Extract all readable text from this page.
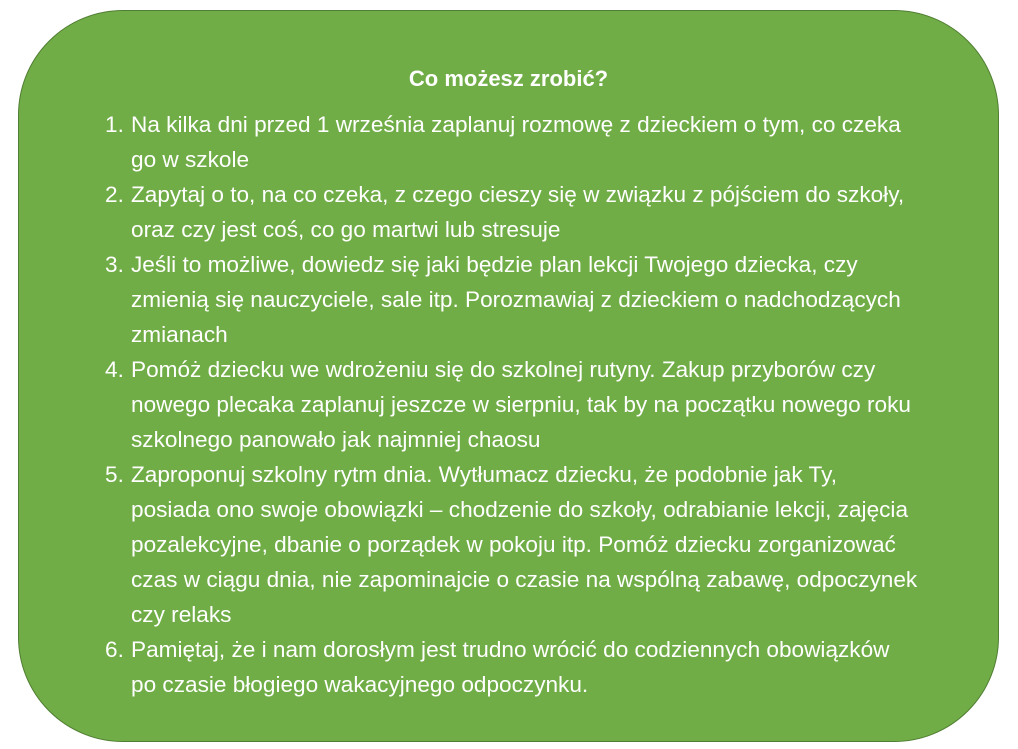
Co możesz zrobić?
1. Na kilka dni przed 1 września zaplanuj rozmowę z dzieckiem o tym, co czeka
go w szkole
2. Zapytaj o to, na co czeka, z czego cieszy się w związku z pójściem do szkoły,
oraz czy jest coś, co go martwi lub stresuje
3. Jeśli to możliwe, dowiedz się jaki będzie plan lekcji Twojego dziecka, czy
zmienią się nauczyciele, sale itp. Porozmawiaj z dzieckiem o nadchodzących
zmianach
4. Pomóż dziecku we wdrożeniu się do szkolnej rutyny. Zakup przyborów czy
nowego plecaka zaplanuj jeszcze w sierpniu, tak by na początku nowego roku
szkolnego panowało jak najmniej chaosu
5. Zaproponuj szkolny rytm dnia. Wytłumacz dziecku, że podobnie jak Ty,
posiada ono swoje obowiązki – chodzenie do szkoły, odrabianie lekcji, zajęcia
pozalekcyjne, dbanie o porządek w pokoju itp. Pomóż dziecku zorganizować
czas w ciągu dnia, nie zapominajcie o czasie na wspólną zabawę, odpoczynek
czy relaks
6. Pamiętaj, że i nam dorosłym jest trudno wrócić do codziennych obowiązków
po czasie błogiego wakacyjnego odpoczynku.
